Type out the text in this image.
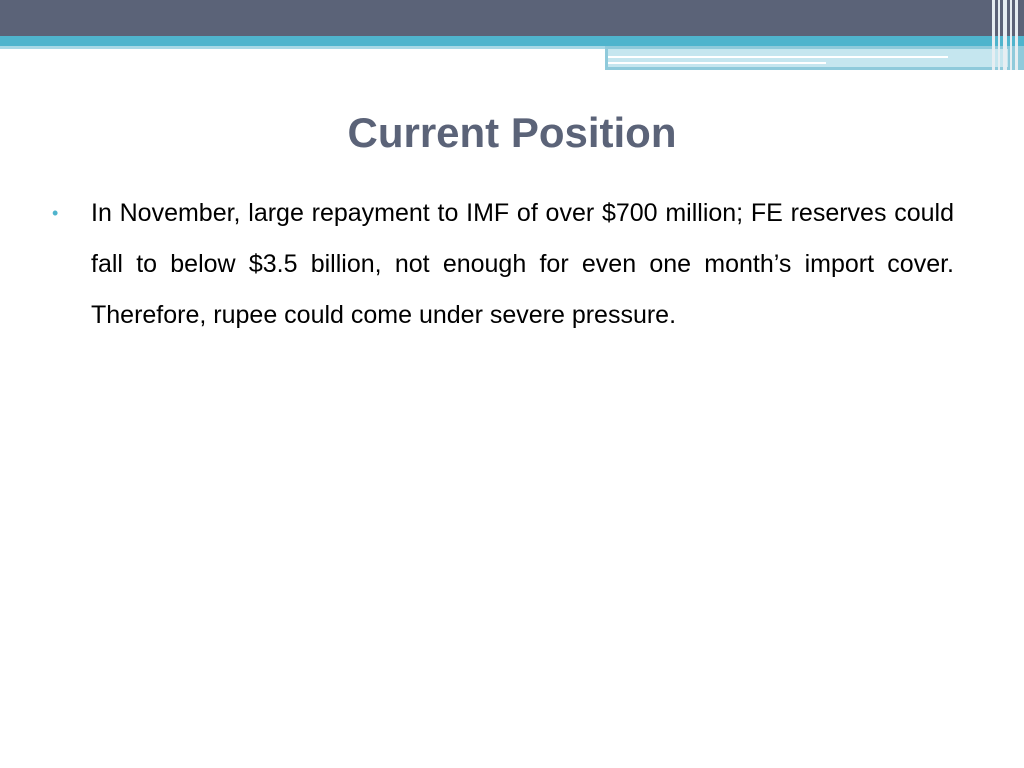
Current Position
•	In November, large repayment to IMF of over $700 million; FE reserves could fall to below $3.5 billion, not enough for even one month’s import cover. Therefore, rupee could come under severe pressure.
